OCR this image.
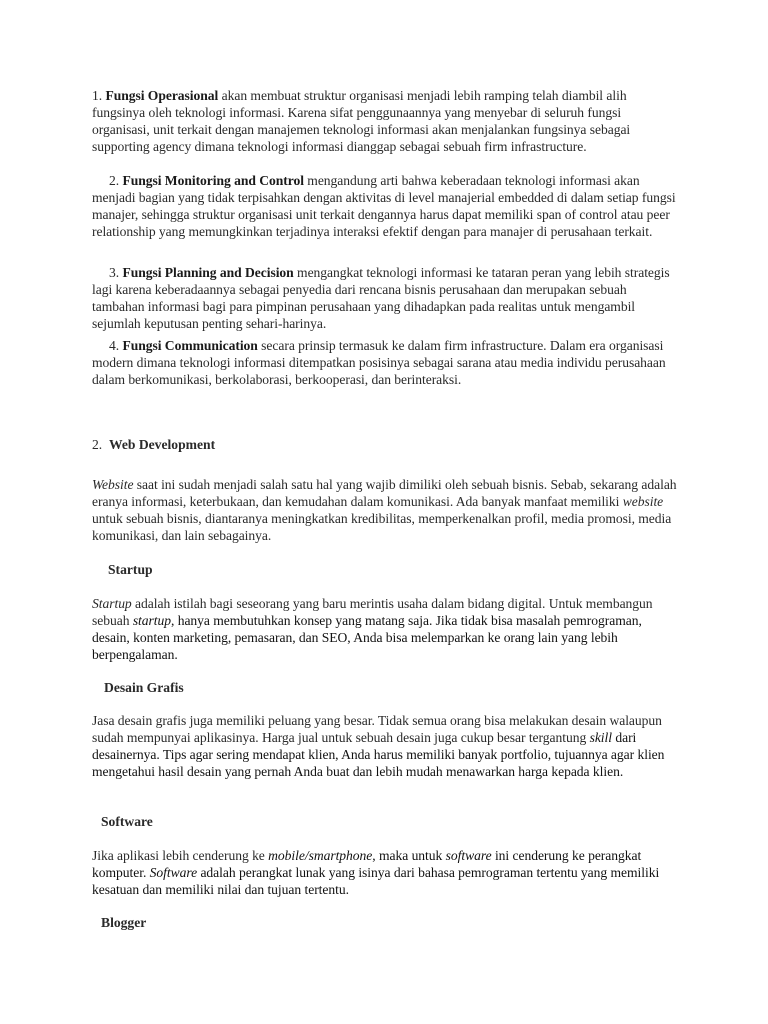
1. Fungsi Operasional akan membuat struktur organisasi menjadi lebih ramping telah diambil alihfungsinya oleh teknologi informasi. Karena sifat penggunaannya yang menyebar di seluruh fungsi organisasi, unit terkait dengan manajemen teknologi informasi akan menjalankan fungsinya sebagai supporting agency dimana teknologi informasi dianggap sebagai sebuah firm infrastructure.

2. Fungsi Monitoring and Control mengandung arti bahwa keberadaan teknologi informasi akan menjadi bagian yang tidak terpisahkan dengan aktivitas di level manajerial embedded di dalam setiap fungsi manajer, sehingga struktur organisasi unit terkait dengannya harus dapat memiliki span of control atau peer relationship yang memungkinkan terjadinya interaksi efektif dengan para manajer di perusahaan terkait.

3. Fungsi Planning and Decision mengangkat teknologi informasi ke tataran peran yang lebih strategis lagi karena keberadaannya sebagai penyedia dari rencana bisnis perusahaan dan merupakan sebuah tambahan informasi bagi para pimpinan perusahaan yang dihadapkan pada realitas untuk mengambil sejumlah keputusan penting sehari-harinya.

4. Fungsi Communication secara prinsip termasuk ke dalam firm infrastructure. Dalam era organisasi modern dimana teknologi informasi ditempatkan posisinya sebagai sarana atau media individu perusahaan dalam berkomunikasi, berkolaborasi, berkooperasi, dan berinteraksi.

2. Web Development

Website saat ini sudah menjadi salah satu hal yang wajib dimiliki oleh sebuah bisnis. Sebab, sekarang adalah eranya informasi, keterbukaan, dan kemudahan dalam komunikasi. Ada banyak manfaat memiliki website untuk sebuah bisnis, diantaranya meningkatkan kredibilitas, memperkenalkan profil, media promosi, media komunikasi, dan lain sebagainya.

Startup

Startup adalah istilah bagi seseorang yang baru merintis usaha dalam bidang digital. Untuk membangun sebuah startup, hanya membutuhkan konsep yang matang saja. Jika tidak bisa masalah pemrograman, desain, konten marketing, pemasaran, dan SEO, Anda bisa melemparkan ke orang lain yang lebih berpengalaman.

Desain Grafis

Jasa desain grafis juga memiliki peluang yang besar. Tidak semua orang bisa melakukan desain walaupun sudah mempunyai aplikasinya. Harga jual untuk sebuah desain juga cukup besar tergantung skill dari desainernya. Tips agar sering mendapat klien, Anda harus memiliki banyak portfolio, tujuannya agar klien mengetahui hasil desain yang pernah Anda buat dan lebih mudah menawarkan harga kepada klien.

Software

Jika aplikasi lebih cenderung ke mobile/smartphone, maka untuk software ini cenderung ke perangkat komputer. Software adalah perangkat lunak yang isinya dari bahasa pemrograman tertentu yang memiliki kesatuan dan memiliki nilai dan tujuan tertentu.

Blogger
